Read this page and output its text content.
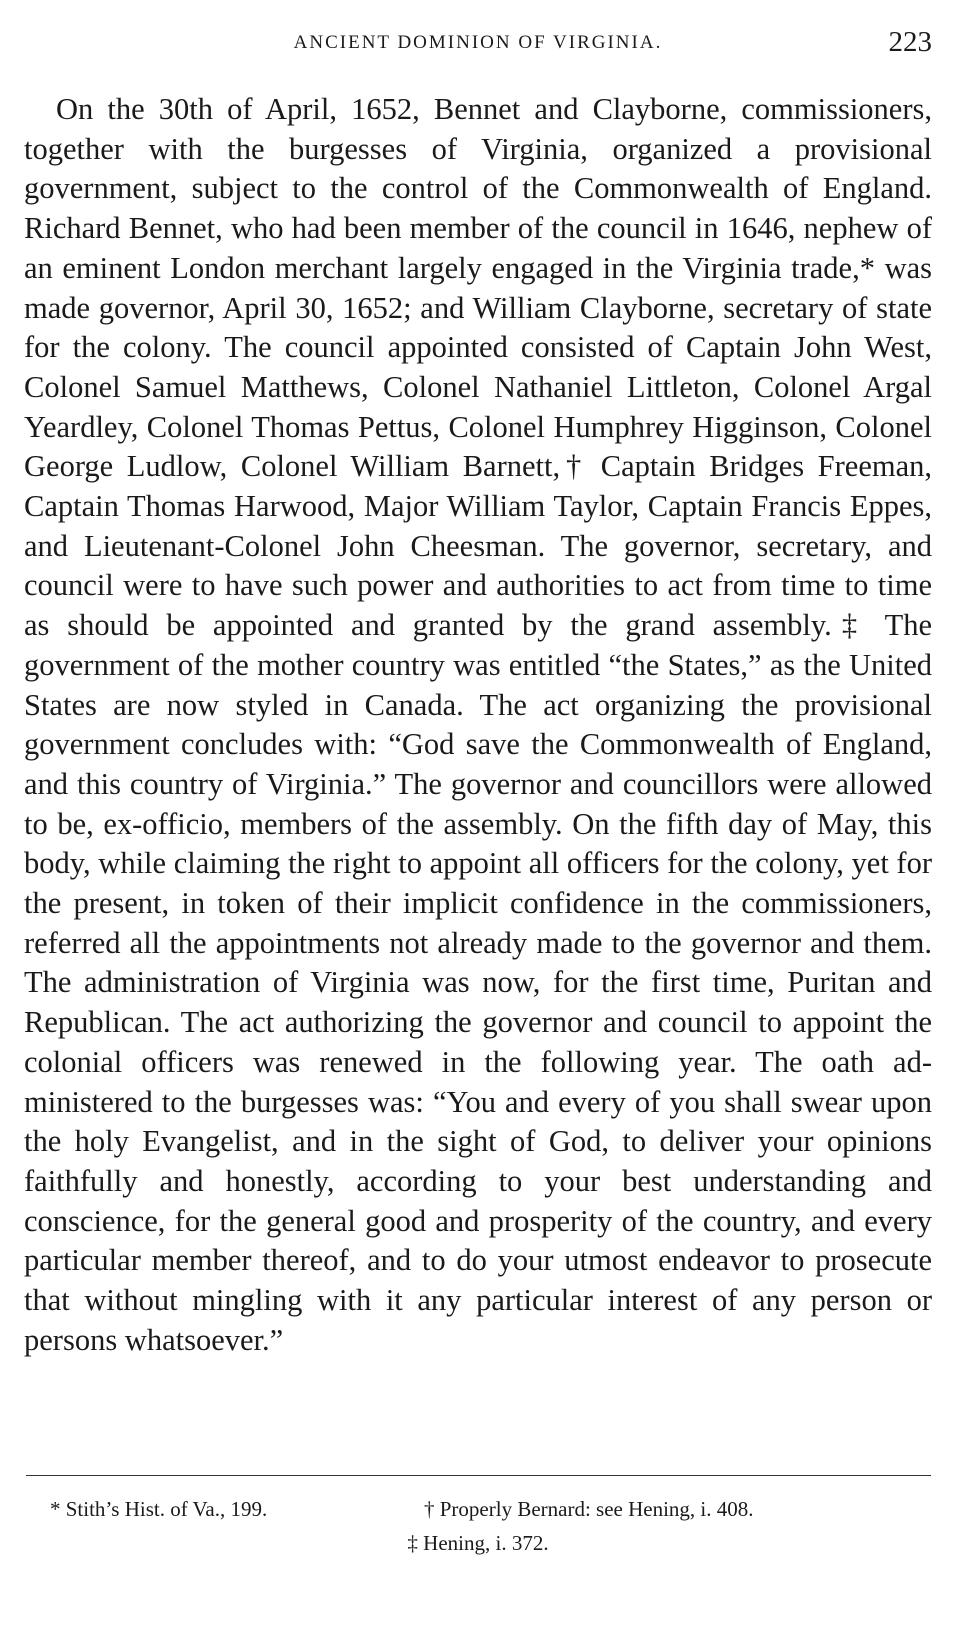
ANCIENT DOMINION OF VIRGINIA.	223

On the 30th of April, 1652, Bennet and Clayborne, commissioners, together with the burgesses of Virginia, organized a provisional government, subject to the control of the Commonwealth of England. Richard Bennet, who had been member of the council in 1646, nephew of an eminent London merchant largely engaged in the Virginia trade,* was made governor, April 30, 1652; and William Clayborne, secretary of state for the colony. The council appointed consisted of Captain John West, Colonel Samuel Matthews, Colonel Nathaniel Littleton, Colonel Argal Yeardley, Colonel Thomas Pettus, Colonel Humphrey Higginson, Colonel George Ludlow, Colonel William Barnett,† Captain Bridges Freeman, Captain Thomas Harwood, Major William Taylor, Captain Francis Eppes, and Lieutenant-Colonel John Cheesman. The governor, secretary, and council were to have such power and authorities to act from time to time as should be appointed and granted by the grand assembly.‡ The government of the mother country was entitled “the States,” as the United States are now styled in Canada. The act organizing the provisional government concludes with: “God save the Commonwealth of England, and this country of Virginia.” The governor and councillors were allowed to be, ex-officio, members of the assembly. On the fifth day of May, this body, while claiming the right to appoint all officers for the colony, yet for the present, in token of their implicit confidence in the commissioners, referred all the appointments not already made to the governor and them. The administration of Virginia was now, for the first time, Puritan and Republican. The act authorizing the governor and council to appoint the colonial officers was renewed in the following year. The oath administered to the burgesses was: “You and every of you shall swear upon the holy Evangelist, and in the sight of God, to deliver your opinions faithfully and honestly, according to your best understanding and conscience, for the general good and prosperity of the country, and every particular member thereof, and to do your utmost endeavor to prosecute that without mingling with it any particular interest of any person or persons whatsoever.”

* Stith’s Hist. of Va., 199.	† Properly Bernard: see Hening, i. 408.
‡ Hening, i. 372.
